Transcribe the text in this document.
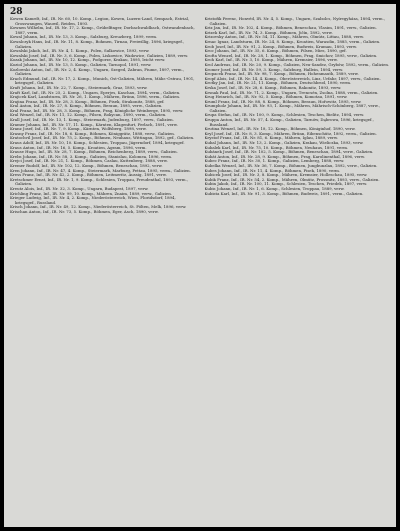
28
Kowen Kamrdt, Inf., IR. Nr. 60, 10. Komp., Legion, Kowen, Luzern-Land, Sempach, Estrial, Grosswangen, Wauwil, Reiden, 1893.
Kownen Wilhelm, Inf., IR. Nr. 17, 2. Komp., Grübelfinger, Dorbachwaldbach, Ostwandenbach, 1887, verm.
Kowal Johann, Inf., IR. Nr. 13, 3. Komp., Salzburg, Kreuzberg, 1899, verm.
Kowalczyk Hans, Inf., IR. Nr. 11, 8. Komp., Bohmen, Tirnau, Freiwillig, 1896, kriegsgef., Galizien.
Kowalski Jakob, Inf., IR. Nr. 4, 1. Komp., Polen, Sulkowice, 1893, verw.
Kowalski Josef, Inf., IR. Nr. 3, 6. Komp., Polen, Liskowice, Wadowice, Galizien, 1889, verw.
Kozak Johann, Inf., IR. Nr. 10, 12. Komp., Podgorze, Krakau, 1895, leicht verw.
Koziol Johann, Inf., IR. Nr. 13, 5. Komp., Galizien, Tarnopol, 1891, verw.
Kozlowski Anton, Inf., IR. Nr. 2, 4. Komp., Ungarn, Szeged, Zabran, Fiume, 1897, verm., Galizien.
Krach Edmund, Inf., IR. Nr. 17, 2. Komp., Munich, Ost-Galizien, Mähren, Mähr.-Ostrau, 1901, kriegsgef., Galizien.
Kraft Johann, Inf., IR. Nr. 22, 7. Komp., Steiermark, Graz, 1893, verw.
Kraft Karl, Inf., IR. Nr. 25, 2. Komp., Ungarn, Eperjes, Kaschau, 1894, verm., Galizien.
Krajicek Karl, Landsturm, IR. Nr. 26, 1. Komp., Mähren, Brünn, 1896, verm., Galizien.
Krajina Franz, Inf., IR. Nr. 28, 3. Komp., Böhmen, Pisek, Strakonitz, 1888, gef.
Kral Anton, Inf., IR. Nr. 27, 8. Komp., Böhmen, Beraun, 1895, verw., Galizien.
Kral Franz, Inf., IR. Nr. 28, 3. Komp., Böhmen, Prag, Königliche Weinberge, 1895, verw.
Kral Wenzel, Inf., IR. Nr. 11, 12. Komp., Pilsen, Rokycan, 1890, verm., Galizien.
Krall Josef, Inf., IR. Nr. 13, 1. Komp., Steiermark, Judenburg, 1897, verw., Galizien.
Kramer Johann, Inf., IR. Nr. 17, 11. Komp., Kärnten, Klagenfurt, Ferlach, 1891, verw.
Kranz Josef, Inf., IR. Nr. 7, 9. Komp., Kärnten, Wolfsberg, 1898, verw.
Krasny Franz, Inf., IR. Nr. 18, 6. Komp., Böhmen, Königgrätz, 1888, verw., Galizien.
Kratochvil Josef, Inf., IR. Nr. 75, 2. Komp., Böhmen, Neuhaus, Wittingau, 1892, gef., Galizien.
Kraus Adolf, Inf., IR. Nr. 10, 10. Komp., Schlesien, Troppau, Jägerndorf, 1894, kriegsgef.
Kraus Anton, Inf., IR. Nr. 16, 5. Komp., Kroatien, Agram, 1896, verm.
Krause Hugo, Inf., IR. Nr. 28, 7. Komp., Böhmen, Reichenberg, 1889, verw., Galizien.
Krebs Johann, Inf., IR. Nr. 58, 3. Komp., Galizien, Stanislau, Kolomea, 1896, verm.
Krejci Josef, Inf., IR. Nr. 21, 1. Komp., Böhmen, Časlau, Kuttenberg, 1888, verw.
Kremer Rudolf, Inf., IR. Nr. 102, 12. Komp., Böhmen, Beneschau, 1892, verw.
Kren Johann, Inf., IR. Nr. 47, 4. Komp., Steiermark, Marburg, Pettau, 1895, verm., Galizien.
Kress Franz, Inf., IR. Nr. 42, 2. Komp., Böhmen, Leitmeritz, Aussig, 1891, verw.
Kretschmer Ernst, Inf., IR. Nr. 1, 9. Komp., Schlesien, Troppau, Freudenthal, 1893, verm., Galizien.
Kreutz Alois, Inf., IR. Nr. 32, 3. Komp., Ungarn, Budapest, 1897, verw.
Krichling Franz, Inf., IR. Nr. 99, 10. Komp., Mähren, Znaim, 1889, verw., Galizien.
Krieger Ludwig, Inf., IR. Nr. 4, 2. Komp., Niederösterreich, Wien, Floridsdorf, 1894, kriegsgef., Russland.
Krisch Johann, Inf., IR. Nr. 49, 12. Komp., Niederösterreich, St. Pölten, Melk, 1896, verw.
Krischan Anton, Inf., IR. Nr. 73, 5. Komp., Böhmen, Eger, Asch, 1890, verw.
Kristofik Ferenc, Honvéd, IR. Nr. 4, 5. Komp., Ungarn, Szabolcs, Nyíregyháza, 1894, verm., Galizien.
Kriz Jan, Inf., IR. Nr. 102, 4. Komp., Böhmen, Beneschau, Vlasim, 1891, verw., Galizien.
Krizek Karl, Inf., IR. Nr. 74, 3. Komp., Böhmen, Jičín, 1892, verw.
Krizovsky Anton, Inf., IR. Nr. 54, 11. Komp., Mähren, Olmütz, Littau, 1888, verw.
Krnac Ignaz, Landsturm, IR. Nr. 24, 8. Komp., Kroatien, Warasdin, 1885, verm., Galizien.
Krob Josef, Inf., IR. Nr. 91, 2. Komp., Böhmen, Budweis, Krumau, 1893, verw.
Kroc Johann, Inf., IR. Nr. 35, 6. Komp., Böhmen, Pilsen, Mies, 1890, gef.
Krofta Wenzel, Inf., IR. Nr. 28, 1. Komp., Böhmen, Prag, Smichov, 1895, verw., Galizien.
Kroh Karl, Inf., IR. Nr. 3, 10. Komp., Mähren, Kremsier, 1896, verw.
Krol Andreas, Inf., IR. Nr. 20, 9. Komp., Galizien, Neu-Sandez, Grybów, 1892, verm., Galizien.
Kromer Josef, Inf., IR. Nr. 59, 3. Komp., Salzburg, Hallein, 1894, verw.
Kropacek Franz, Inf., IR. Nr. 98, 7. Komp., Böhmen, Hohenmauth, 1889, verw.
Kropf Alois, Inf., IR. Nr. 14, 4. Komp., Oberösterreich, Linz, Urfahr, 1897, verw., Galizien.
Krotky Jan, Inf., IR. Nr. 21, 11. Komp., Böhmen, Deutschbrod, 1890, verm.
Krska Josef, Inf., IR. Nr. 28, 6. Komp., Böhmen, Rakonitz, 1893, verw.
Krsnak Paul, Inf., IR. Nr. 71, 2. Komp., Ungarn, Trencsén, Zsolna, 1888, verm., Galizien.
Krug Heinrich, Inf., IR. Nr. 92, 5. Komp., Böhmen, Komotau, 1891, verw.
Kruml Franz, Inf., IR. Nr. 88, 8. Komp., Böhmen, Beraun, Hořowitz, 1895, verw.
Krumpholz Johann, Inf., IR. Nr. 93, 1. Komp., Mähren, Mährisch-Schönberg, 1887, verw., Galizien.
Krupa Stefan, Inf., IR. Nr. 100, 9. Komp., Schlesien, Teschen, Bielitz, 1894, verw.
Kruppa Anton, Inf., IR. Nr. 57, 4. Komp., Galizien, Tarnów, Dąbrowa, 1896, kriegsgef., Russland.
Krutina Wenzel, Inf., IR. Nr. 18, 12. Komp., Böhmen, Königinhof, 1890, verw.
Kryl Josef, Inf., IR. Nr. 8, 3. Komp., Mähren, Brünn, Eibenschütz, 1892, verm., Galizien.
Krystof Franz, Inf., IR. Nr. 81, 6. Komp., Mähren, Iglau, 1889, verw.
Kubal Johann, Inf., IR. Nr. 13, 2. Komp., Galizien, Krakau, Wieliczka, 1893, verw.
Kubalek Karl, Inf., IR. Nr. 75, 10. Komp., Böhmen, Neuhaus, 1891, verm.
Kubánek Josef, Inf., IR. Nr. 102, 5. Komp., Böhmen, Beneschau, 1894, verw., Galizien.
Kubát Anton, Inf., IR. Nr. 28, 9. Komp., Böhmen, Prag, Karolinenthal, 1896, verw.
Kubec Franz, Inf., IR. Nr. 30, 1. Komp., Galizien, Lemberg, 1888, verw.
Kubelka Wenzel, Inf., IR. Nr. 36, 7. Komp., Böhmen, Jungbunzlau, 1892, verw., Galizien.
Kubes Johann, Inf., IR. Nr. 11, 4. Komp., Böhmen, Pisek, 1890, verm.
Kubicek Josef, Inf., IR. Nr. 3, 8. Komp., Mähren, Kremsier, Holleschau, 1895, verw.
Kubik Franz, Inf., IR. Nr. 54, 2. Komp., Mähren, Olmütz, Prossnitz, 1893, verw., Galizien.
Kubin Jakob, Inf., IR. Nr. 100, 11. Komp., Schlesien, Teschen, Friedek, 1897, verw.
Kubis Johann, Inf., IR. Nr. 1, 6. Komp., Schlesien, Troppau, 1889, verw.
Kubista Karl, Inf., IR. Nr. 91, 3. Komp., Böhmen, Budweis, 1891, verm., Galizien.
